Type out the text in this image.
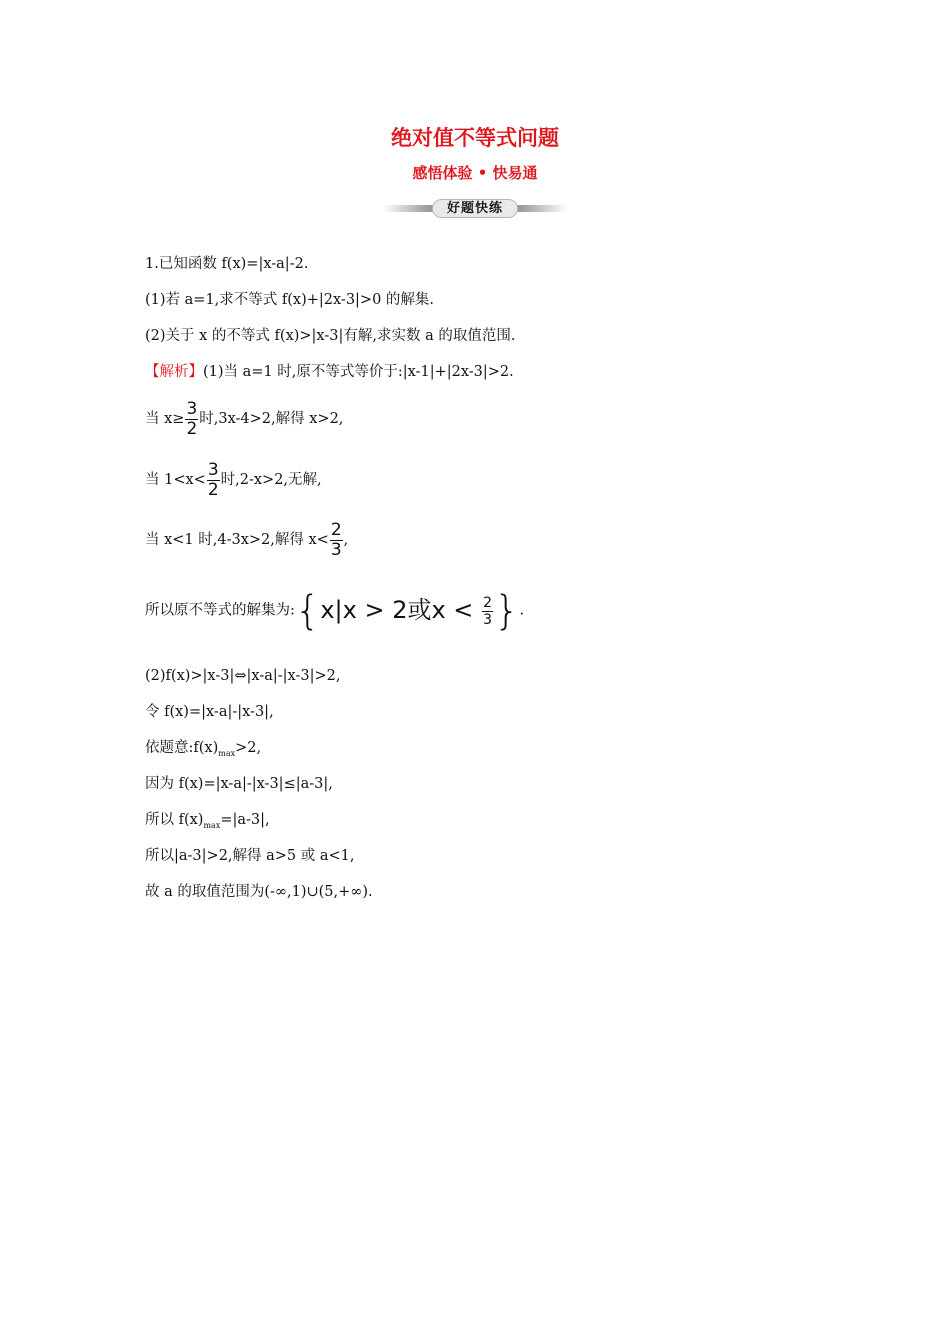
绝对值不等式问题
感悟体验 • 快易通
好题快练
1.已知函数 f(x)=|x-a|-2.
(1)若 a=1,求不等式 f(x)+|2x-3|>0 的解集.
(2)关于 x 的不等式 f(x)>|x-3|有解,求实数 a 的取值范围.
【解析】(1)当 a=1 时,原不等式等价于:|x-1|+|2x-3|>2.
当 $x\ge \frac{3}{2}$ 时,3x-4>2,解得 x>2,
当 $1<x< \frac{3}{2}$ 时,2-x>2,无解,
当 x<1 时,4-3x>2,解得 $x< \frac{2}{3}$ ,
所以原不等式的解集为:{x|x > 2或$x < \frac{2}{3}$ }.
(2)f(x)>|x-3|⇔|x-a|-|x-3|>2,
令 f(x)=|x-a|-|x-3|,
依题意$:f(x)_{max}>2$,
因为 f(x)=|x-a|-|x-3|≤|a-3|,
所以 $f(x)_{max}=|a-3|$,
所以|a-3|>2,解得 a>5 或 a<1,
故 a 的取值范围为(-∞,1)∪(5,+∞).
